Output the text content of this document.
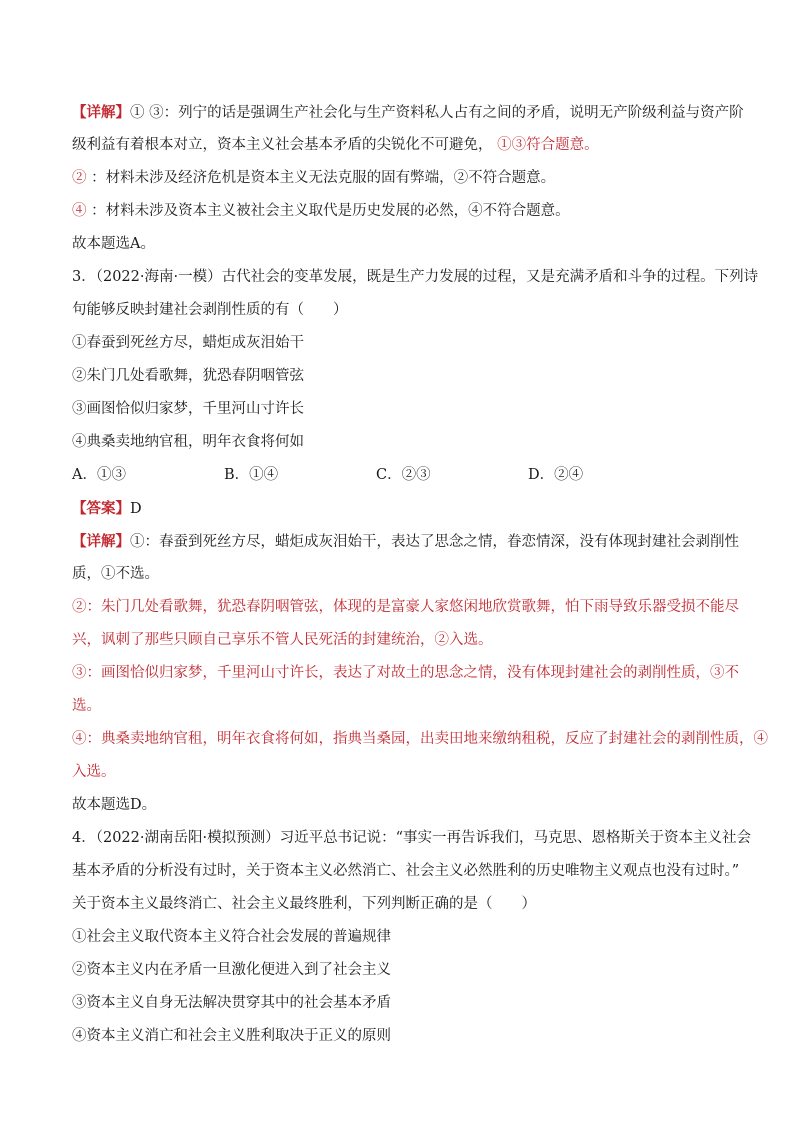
【详解】① ③：列宁的话是强调生产社会化与生产资料私人占有之间的矛盾，说明无产阶级利益与资产阶
级利益有着根本对立，资本主义社会基本矛盾的尖锐化不可避免， ①③符合题意。
② ：材料未涉及经济危机是资本主义无法克服的固有弊端，②不符合题意。
④ ：材料未涉及资本主义被社会主义取代是历史发展的必然，④不符合题意。
故本题选A。
3．（2022·海南·一模）古代社会的变革发展，既是生产力发展的过程，又是充满矛盾和斗争的过程。下列诗
句能够反映封建社会剥削性质的有（　　）
①春蚕到死丝方尽，蜡炬成灰泪始干
②朱门几处看歌舞，犹恐春阴咽管弦
③画图恰似归家梦，千里河山寸许长
④典桑卖地纳官租，明年衣食将何如
A．①③	B．①④	C．②③	D．②④
【答案】D
【详解】①：春蚕到死丝方尽，蜡炬成灰泪始干，表达了思念之情，眷恋情深，没有体现封建社会剥削性
质，①不选。
②：朱门几处看歌舞，犹恐春阴咽管弦，体现的是富豪人家悠闲地欣赏歌舞，怕下雨导致乐器受损不能尽
兴，讽刺了那些只顾自己享乐不管人民死活的封建统治，②入选。
③：画图恰似归家梦，千里河山寸许长，表达了对故土的思念之情，没有体现封建社会的剥削性质，③不
选。
④：典桑卖地纳官租，明年衣食将何如，指典当桑园，出卖田地来缴纳租税，反应了封建社会的剥削性质，④
入选。
故本题选D。
4．（2022·湖南岳阳·模拟预测）习近平总书记说：“事实一再告诉我们，马克思、恩格斯关于资本主义社会
基本矛盾的分析没有过时，关于资本主义必然消亡、社会主义必然胜利的历史唯物主义观点也没有过时。”
关于资本主义最终消亡、社会主义最终胜利，下列判断正确的是（　　）
①社会主义取代资本主义符合社会发展的普遍规律
②资本主义内在矛盾一旦激化便进入到了社会主义
③资本主义自身无法解决贯穿其中的社会基本矛盾
④资本主义消亡和社会主义胜利取决于正义的原则
